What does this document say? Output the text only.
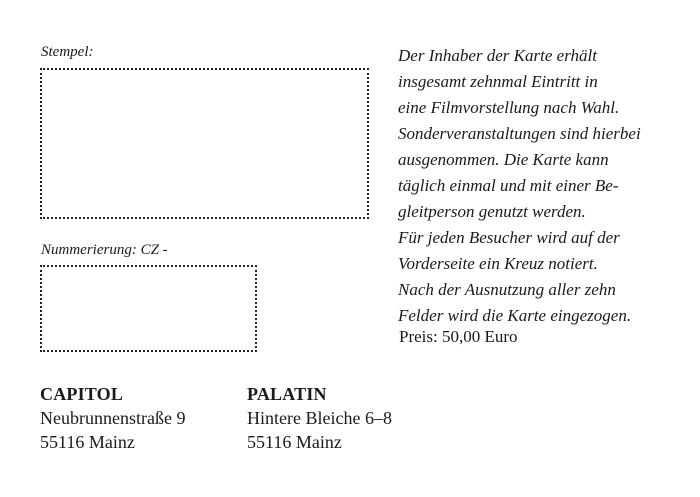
Stempel:
Nummerierung: CZ -
Der Inhaber der Karte erhält
insgesamt zehnmal Eintritt in
eine Filmvorstellung nach Wahl.
Sonderveranstaltungen sind hierbei
ausgenommen. Die Karte kann
täglich einmal und mit einer Be-
gleitperson genutzt werden.
Für jeden Besucher wird auf der
Vorderseite ein Kreuz notiert.
Nach der Ausnutzung aller zehn
Felder wird die Karte eingezogen.
Preis: 50,00 Euro
CAPITOL
Neubrunnenstraße 9
55116 Mainz
PALATIN
Hintere Bleiche 6–8
55116 Mainz
